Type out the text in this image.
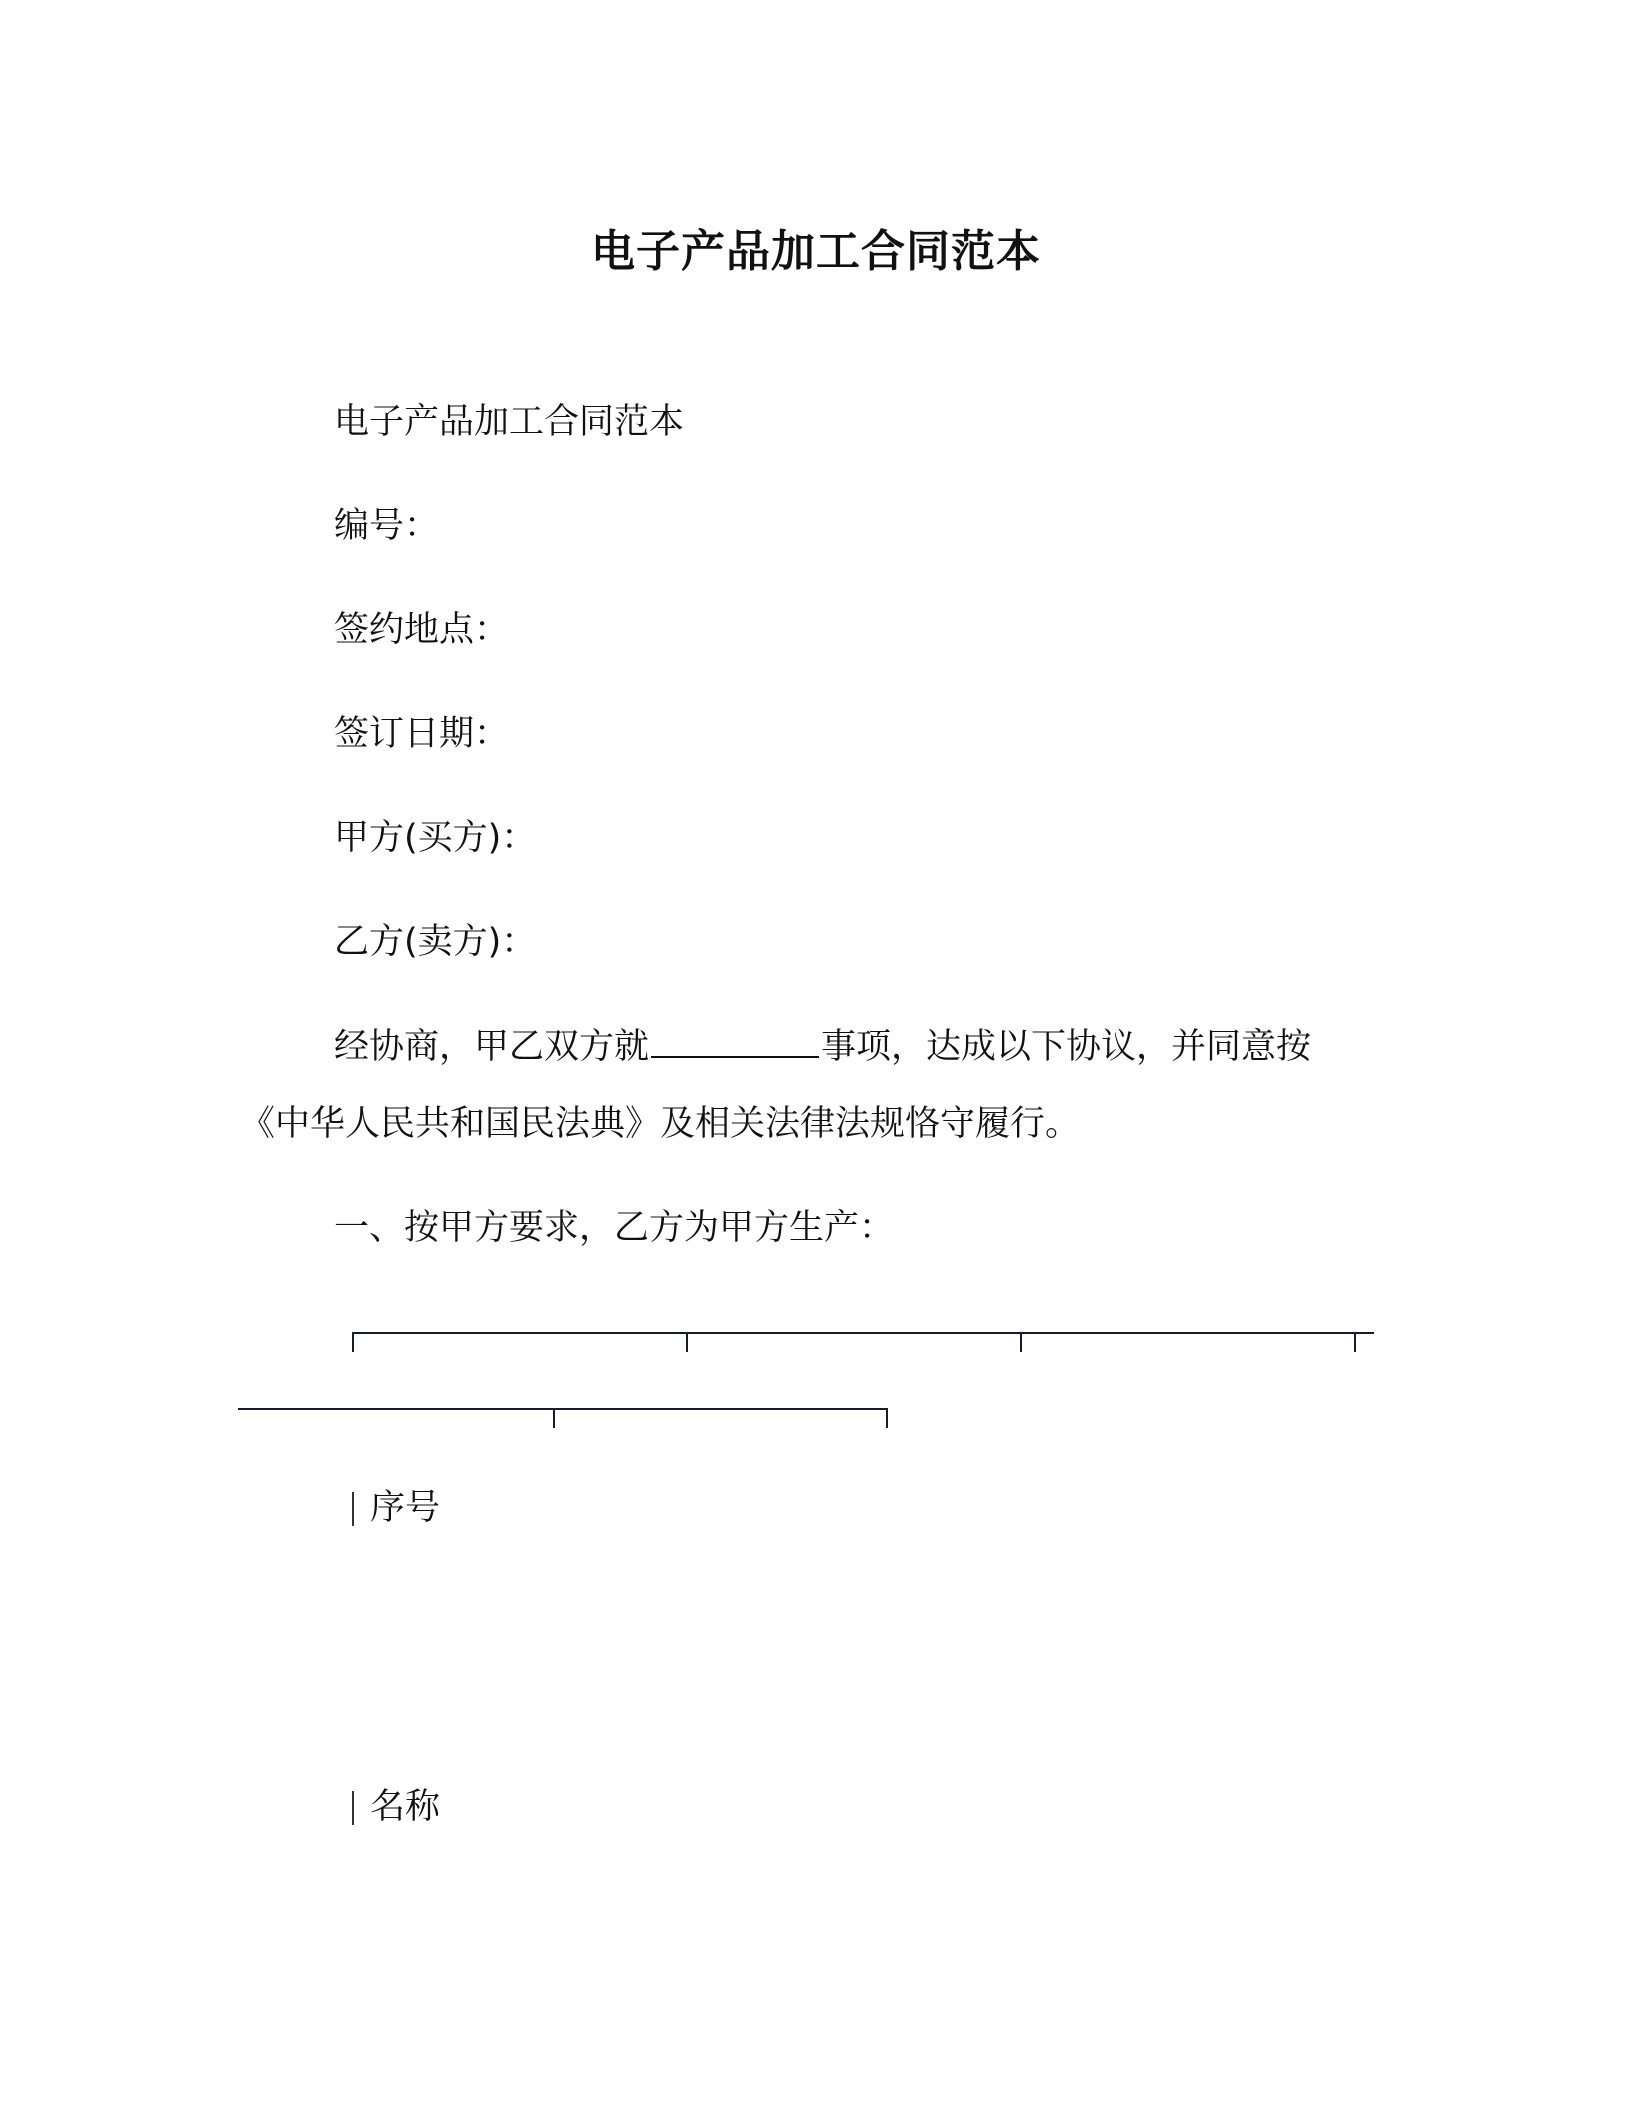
电子产品加工合同范本
电子产品加工合同范本
编号：
签约地点：
签订日期：
甲方(买方)：
乙方(卖方)：
经协商，甲乙双方就	事项，达成以下协议，并同意按
《中华人民共和国民法典》及相关法律法规恪守履行。
一、按甲方要求，乙方为甲方生产：
序号
名称
